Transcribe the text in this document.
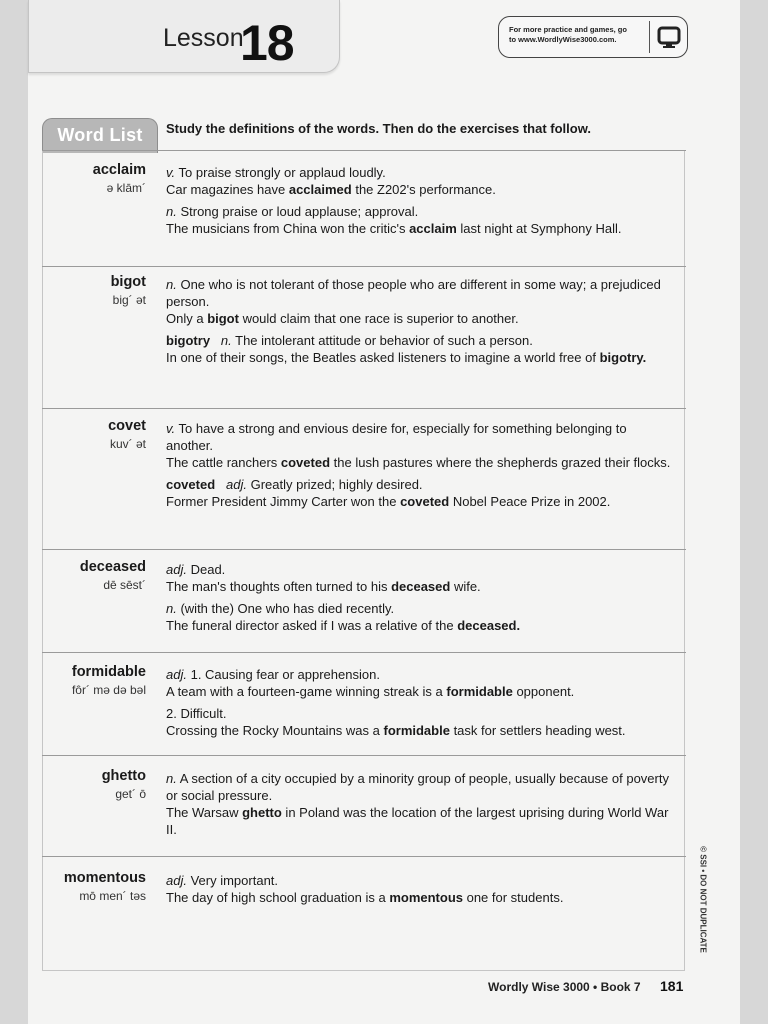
Lesson
18	For more practice and games, go
to www.WordlyWise3000.com.
Word List	Study the definitions of the words. Then do the exercises that follow.
acclaim
ə klām´
v. To praise strongly or applaud loudly.
Car magazines have acclaimed the Z202's performance.
n. Strong praise or loud applause; approval.
The musicians from China won the critic's acclaim last night at Symphony Hall.
bigot
big´ ət
n. One who is not tolerant of those people who are different in some way; a prejudiced person.
Only a bigot would claim that one race is superior to another.
bigotry n. The intolerant attitude or behavior of such a person.
In one of their songs, the Beatles asked listeners to imagine a world free of bigotry.
covet
kuv´ ət
v. To have a strong and envious desire for, especially for something belonging to another.
The cattle ranchers coveted the lush pastures where the shepherds grazed their flocks.
coveted adj. Greatly prized; highly desired.
Former President Jimmy Carter won the coveted Nobel Peace Prize in 2002.
deceased
dē sēst´
adj. Dead.
The man's thoughts often turned to his deceased wife.
n. (with the) One who has died recently.
The funeral director asked if I was a relative of the deceased.
formidable
fôr´ mə də bəl
adj. 1. Causing fear or apprehension.
A team with a fourteen-game winning streak is a formidable opponent.
2. Difficult.
Crossing the Rocky Mountains was a formidable task for settlers heading west.
ghetto
get´ ō
n. A section of a city occupied by a minority group of people, usually because of poverty or social pressure.
The Warsaw ghetto in Poland was the location of the largest uprising during World War II.
momentous
mō men´ təs
adj. Very important.
The day of high school graduation is a momentous one for students.	© SSI • DO NOT DUPLICATE
Wordly Wise 3000 • Book 7 181
